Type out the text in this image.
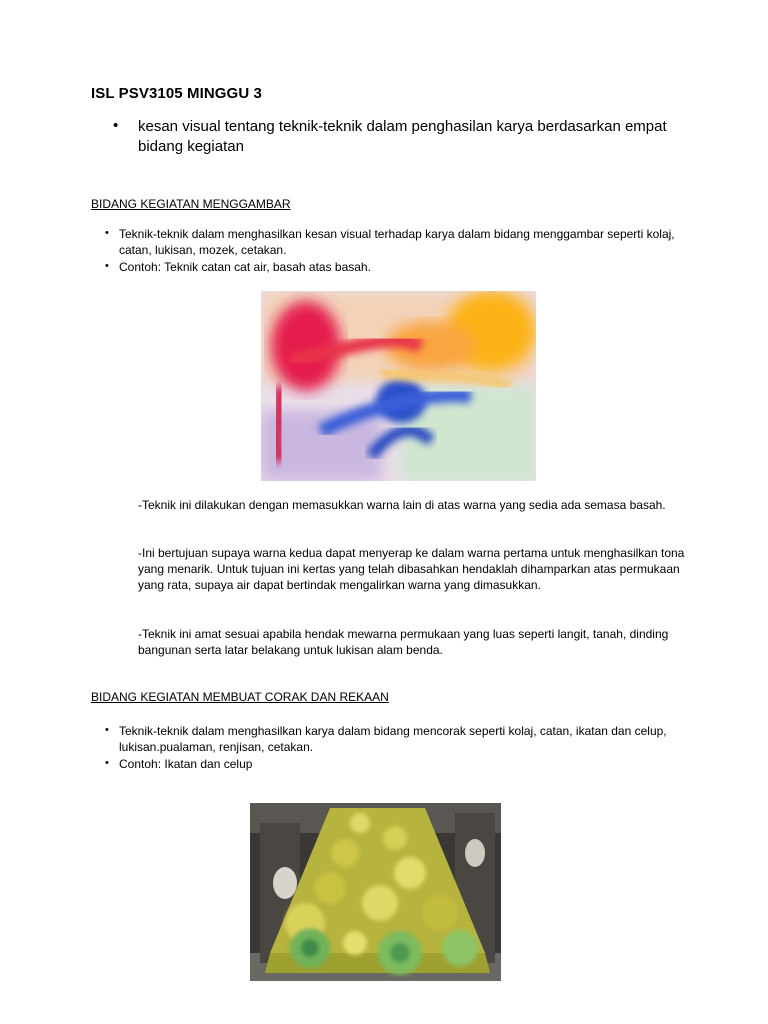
ISL PSV3105 MINGGU 3
• kesan visual tentang teknik-teknik dalam penghasilan karya berdasarkan empat bidang kegiatan
BIDANG KEGIATAN MENGGAMBAR
• Teknik-teknik dalam menghasilkan kesan visual terhadap karya dalam bidang menggambar seperti kolaj, catan, lukisan, mozek, cetakan.
• Contoh: Teknik catan cat air, basah atas basah.
-Teknik ini dilakukan dengan memasukkan warna lain di atas warna yang sedia ada semasa basah.
-Ini bertujuan supaya warna kedua dapat menyerap ke dalam warna pertama untuk menghasilkan tona yang menarik. Untuk tujuan ini kertas yang telah dibasahkan hendaklah dihamparkan atas permukaan yang rata, supaya air dapat bertindak mengalirkan warna yang dimasukkan.
-Teknik ini amat sesuai apabila hendak mewarna permukaan yang luas seperti langit, tanah, dinding bangunan serta latar belakang untuk lukisan alam benda.
BIDANG KEGIATAN MEMBUAT CORAK DAN REKAAN
• Teknik-teknik dalam menghasilkan karya dalam bidang mencorak seperti kolaj, catan, ikatan dan celup, lukisan.pualaman, renjisan, cetakan.
• Contoh: Ikatan dan celup
